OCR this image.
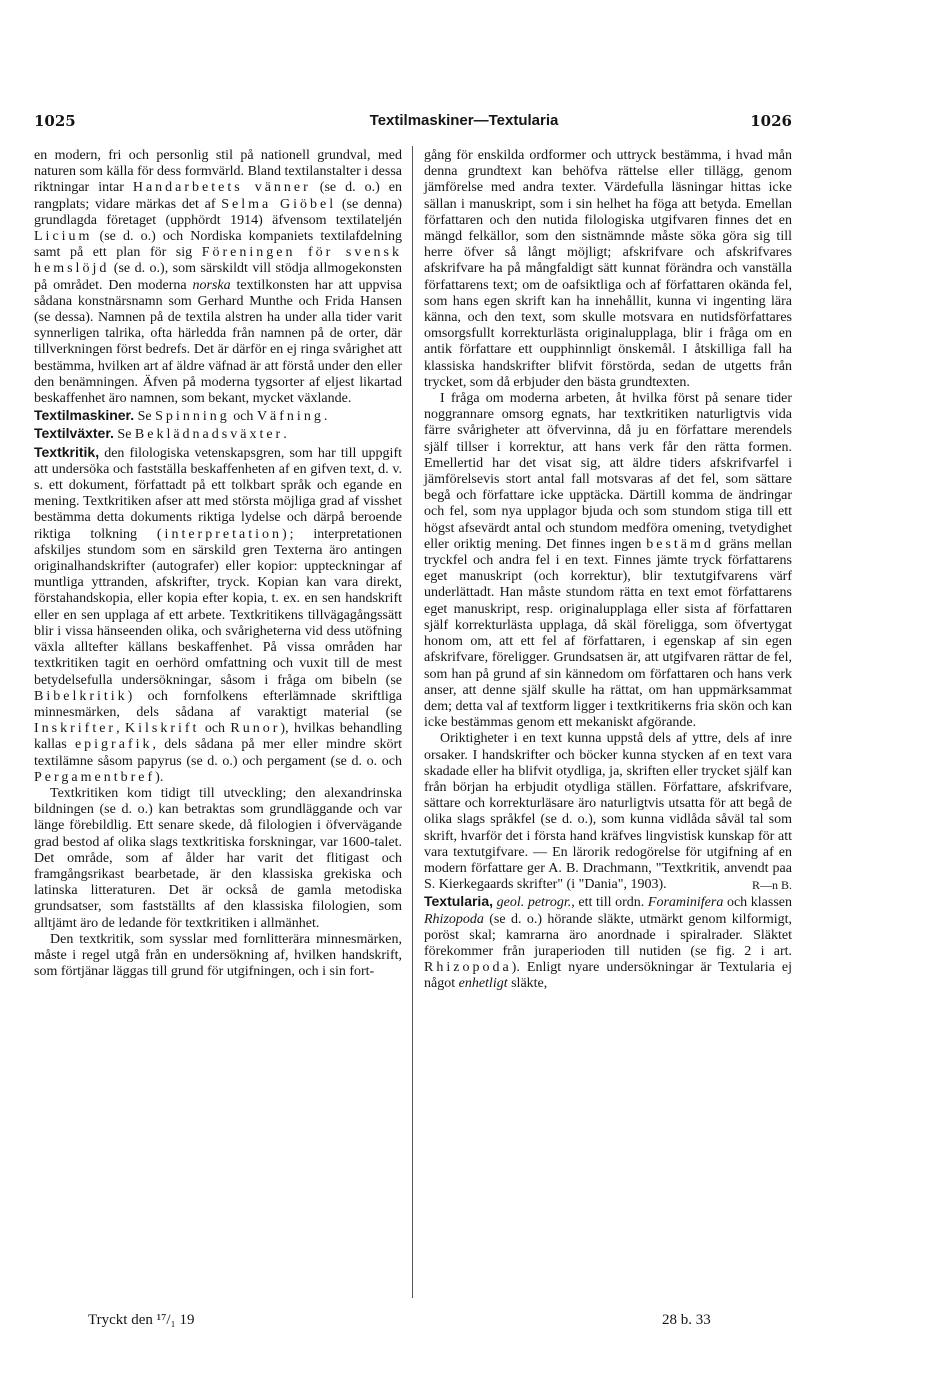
1025	Textilmaskiner—Textularia	1026

en modern, fri och personlig stil på nationell grundval, med naturen som källa för dess formvärld. Bland textilanstalter i dessa riktningar intar Handarbetets vänner (se d. o.) en rangplats; vidare märkas det af Selma Giöbel (se denna) grundlagda företaget (upphördt 1914) äfvensom textilateljén Licium (se d. o.) och Nordiska kompaniets textilafdelning samt på ett plan för sig Föreningen för svensk hemslöjd (se d. o.), som särskildt vill stödja allmogekonsten på området. Den moderna norska textilkonsten har att uppvisa sådana konstnärsnamn som Gerhard Munthe och Frida Hansen (se dessa). Namnen på de textila alstren ha under alla tider varit synnerligen talrika, ofta härledda från namnen på de orter, där tillverkningen först bedrefs. Det är därför en ej ringa svårighet att bestämma, hvilken art af äldre väfnad är att förstå under den eller den benämningen. Äfven på moderna tygsorter af eljest likartad beskaffenhet äro namnen, som bekant, mycket växlande.

Textilmaskiner. Se Spinning och Väfning.

Textilväxter. Se Beklädnadsväxter.

Textkritik, den filologiska vetenskapsgren, som har till uppgift att undersöka och fastställa beskaffenheten af en gifven text, d. v. s. ett dokument, författadt på ett tolkbart språk och egande en mening. Textkritiken afser att med största möjliga grad af visshet bestämma detta dokuments riktiga lydelse och därpå beroende riktiga tolkning (interpretation); interpretationen afskiljes stundom som en särskild gren Texterna äro antingen originalhandskrifter (autografer) eller kopior: uppteckningar af muntliga yttranden, afskrifter, tryck. Kopian kan vara direkt, förstahandskopia, eller kopia efter kopia, t. ex. en sen handskrift eller en sen upplaga af ett arbete. Textkritikens tillvägagångssätt blir i vissa hänseenden olika, och svårigheterna vid dess utöfning växla alltefter källans beskaffenhet. På vissa områden har textkritiken tagit en oerhörd omfattning och vuxit till de mest betydelsefulla undersökningar, såsom i fråga om bibeln (se Bibelkritik) och fornfolkens efterlämnade skriftliga minnesmärken, dels sådana af varaktigt material (se Inskrifter, Kilskrift och Runor), hvilkas behandling kallas epigrafik, dels sådana på mer eller mindre skört textilämne såsom papyrus (se d. o.) och pergament (se d. o. och Pergamentbref).

Textkritiken kom tidigt till utveckling; den alexandrinska bildningen (se d. o.) kan betraktas som grundläggande och var länge förebildlig. Ett senare skede, då filologien i öfvervägande grad bestod af olika slags textkritiska forskningar, var 1600-talet. Det område, som af ålder har varit det flitigast och framgångsrikast bearbetade, är den klassiska grekiska och latinska litteraturen. Det är också de gamla metodiska grundsatser, som fastställts af den klassiska filologien, som alltjämt äro de ledande för textkritiken i allmänhet.

Den textkritik, som sysslar med fornlitterära minnesmärken, måste i regel utgå från en undersökning af, hvilken handskrift, som förtjänar läggas till grund för utgifningen, och i sin fort-

gång för enskilda ordformer och uttryck bestämma, i hvad mån denna grundtext kan behöfva rättelse eller tillägg, genom jämförelse med andra texter. Värdefulla läsningar hittas icke sällan i manuskript, som i sin helhet ha föga att betyda. Emellan författaren och den nutida filologiska utgifvaren finnes det en mängd felkällor, som den sistnämnde måste söka göra sig till herre öfver så långt möjligt; afskrifvare och afskrifvares afskrifvare ha på mångfaldigt sätt kunnat förändra och vanställa författarens text; om de oafsiktliga och af författaren okända fel, som hans egen skrift kan ha innehållit, kunna vi ingenting lära känna, och den text, som skulle motsvara en nutidsförfattares omsorgsfullt korrekturlästa originalupplaga, blir i fråga om en antik författare ett oupphinnligt önskemål. I åtskilliga fall ha klassiska handskrifter blifvit förstörda, sedan de utgetts från trycket, som då erbjuder den bästa grundtexten.

I fråga om moderna arbeten, åt hvilka först på senare tider noggrannare omsorg egnats, har textkritiken naturligtvis vida färre svårigheter att öfvervinna, då ju en författare merendels själf tillser i korrektur, att hans verk får den rätta formen. Emellertid har det visat sig, att äldre tiders afskrifvarfel i jämförelsevis stort antal fall motsvaras af det fel, som sättare begå och författare icke upptäcka. Därtill komma de ändringar och fel, som nya upplagor bjuda och som stundom stiga till ett högst afsevärdt antal och stundom medföra omening, tvetydighet eller oriktig mening. Det finnes ingen bestämd gräns mellan tryckfel och andra fel i en text. Finnes jämte tryck författarens eget manuskript (och korrektur), blir textutgifvarens värf underlättadt. Han måste stundom rätta en text emot författarens eget manuskript, resp. originalupplaga eller sista af författaren själf korrekturlästa upplaga, då skäl föreligga, som öfvertygat honom om, att ett fel af författaren, i egenskap af sin egen afskrifvare, föreligger. Grundsatsen är, att utgifvaren rättar de fel, som han på grund af sin kännedom om författaren och hans verk anser, att denne själf skulle ha rättat, om han uppmärksammat dem; detta val af textform ligger i textkritikerns fria skön och kan icke bestämmas genom ett mekaniskt afgörande.

Oriktigheter i en text kunna uppstå dels af yttre, dels af inre orsaker. I handskrifter och böcker kunna stycken af en text vara skadade eller ha blifvit otydliga, ja, skriften eller trycket själf kan från början ha erbjudit otydliga ställen. Författare, afskrifvare, sättare och korrekturläsare äro naturligtvis utsatta för att begå de olika slags språkfel (se d. o.), som kunna vidlåda såväl tal som skrift, hvarför det i första hand kräfves lingvistisk kunskap för att vara textutgifvare. — En lärorik redogörelse för utgifning af en modern författare ger A. B. Drachmann, "Textkritik, anvendt paa S. Kierkegaards skrifter" (i "Dania", 1903).	R—n B.

Textularia, geol. petrogr., ett till ordn. Foraminifera och klassen Rhizopoda (se d. o.) hörande släkte, utmärkt genom kilformigt, poröst skal; kamrarna äro anordnade i spiralrader. Släktet förekommer från juraperioden till nutiden (se fig. 2 i art. Rhizopoda). Enligt nyare undersökningar är Textularia ej något enhetligt släkte,

Tryckt den ¹⁷/₁ 19	28 b. 33
